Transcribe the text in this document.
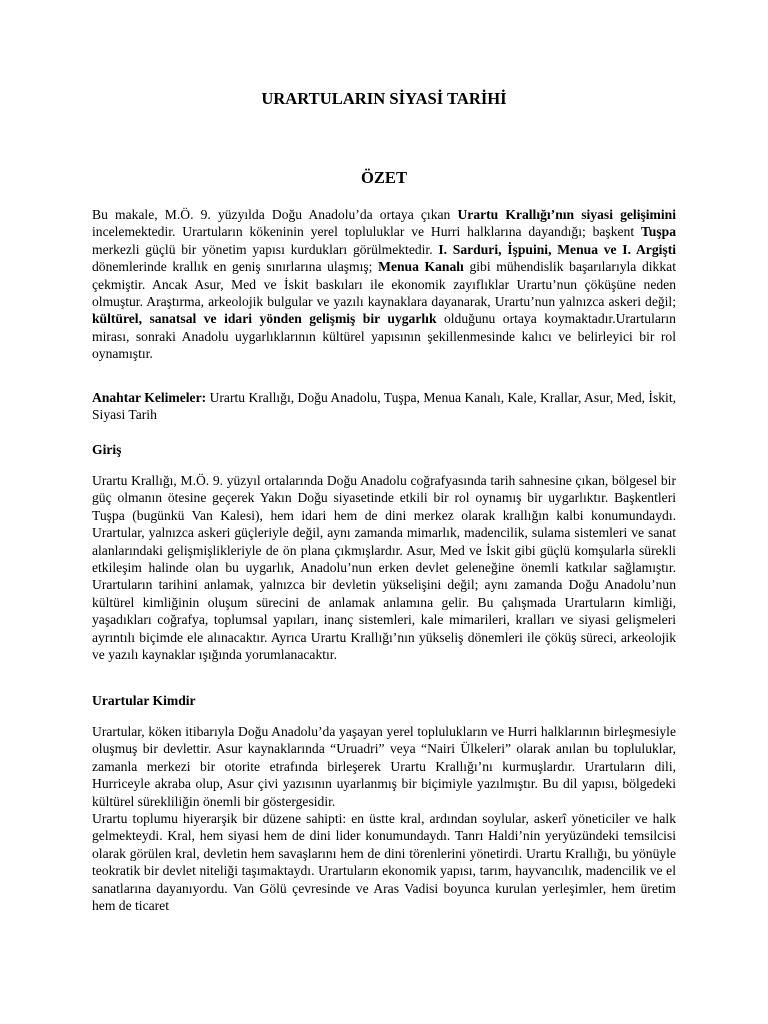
URARTULARIN SİYASİ TARİHİ
ÖZET

Bu makale, M.Ö. 9. yüzyılda Doğu Anadolu’da ortaya çıkan Urartu Krallığı’nın siyasi gelişimini incelemektedir. Urartuların kökeninin yerel topluluklar ve Hurri halklarına dayandığı; başkent Tuşpa merkezli güçlü bir yönetim yapısı kurdukları görülmektedir. I. Sarduri, İşpuini, Menua ve I. Argişti dönemlerinde krallık en geniş sınırlarına ulaşmış; Menua Kanalı gibi mühendislik başarılarıyla dikkat çekmiştir. Ancak Asur, Med ve İskit baskıları ile ekonomik zayıflıklar Urartu’nun çöküşüne neden olmuştur. Araştırma, arkeolojik bulgular ve yazılı kaynaklara dayanarak, Urartu’nun yalnızca askeri değil; kültürel, sanatsal ve idari yönden gelişmiş bir uygarlık olduğunu ortaya koymaktadır.Urartuların mirası, sonraki Anadolu uygarlıklarının kültürel yapısının şekillenmesinde kalıcı ve belirleyici bir rol oynamıştır.

Anahtar Kelimeler: Urartu Krallığı, Doğu Anadolu, Tuşpa, Menua Kanalı, Kale, Krallar, Asur, Med, İskit, Siyasi Tarih

Giriş

Urartu Krallığı, M.Ö. 9. yüzyıl ortalarında Doğu Anadolu coğrafyasında tarih sahnesine çıkan, bölgesel bir güç olmanın ötesine geçerek Yakın Doğu siyasetinde etkili bir rol oynamış bir uygarlıktır. Başkentleri Tuşpa (bugünkü Van Kalesi), hem idari hem de dini merkez olarak krallığın kalbi konumundaydı. Urartular, yalnızca askeri güçleriyle değil, aynı zamanda mimarlık, madencilik, sulama sistemleri ve sanat alanlarındaki gelişmişlikleriyle de ön plana çıkmışlardır. Asur, Med ve İskit gibi güçlü komşularla sürekli etkileşim halinde olan bu uygarlık, Anadolu’nun erken devlet geleneğine önemli katkılar sağlamıştır. Urartuların tarihini anlamak, yalnızca bir devletin yükselişini değil; aynı zamanda Doğu Anadolu’nun kültürel kimliğinin oluşum sürecini de anlamak anlamına gelir. Bu çalışmada Urartuların kimliği, yaşadıkları coğrafya, toplumsal yapıları, inanç sistemleri, kale mimarileri, kralları ve siyasi gelişmeleri ayrıntılı biçimde ele alınacaktır. Ayrıca Urartu Krallığı’nın yükseliş dönemleri ile çöküş süreci, arkeolojik ve yazılı kaynaklar ışığında yorumlanacaktır.

Urartular Kimdir

Urartular, köken itibarıyla Doğu Anadolu’da yaşayan yerel toplulukların ve Hurri halklarının birleşmesiyle oluşmuş bir devlettir. Asur kaynaklarında “Uruadri” veya “Nairi Ülkeleri” olarak anılan bu topluluklar, zamanla merkezi bir otorite etrafında birleşerek Urartu Krallığı’nı kurmuşlardır. Urartuların dili, Hurriceyle akraba olup, Asur çivi yazısının uyarlanmış bir biçimiyle yazılmıştır. Bu dil yapısı, bölgedeki kültürel sürekliliğin önemli bir göstergesidir.

Urartu toplumu hiyerarşik bir düzene sahipti: en üstte kral, ardından soylular, askerî yöneticiler ve halk gelmekteydi. Kral, hem siyasi hem de dini lider konumundaydı. Tanrı Haldi’nin yeryüzündeki temsilcisi olarak görülen kral, devletin hem savaşlarını hem de dini törenlerini yönetirdi. Urartu Krallığı, bu yönüyle teokratik bir devlet niteliği taşımaktaydı. Urartuların ekonomik yapısı, tarım, hayvancılık, madencilik ve el sanatlarına dayanıyordu. Van Gölü çevresinde ve Aras Vadisi boyunca kurulan yerleşimler, hem üretim hem de ticaret
